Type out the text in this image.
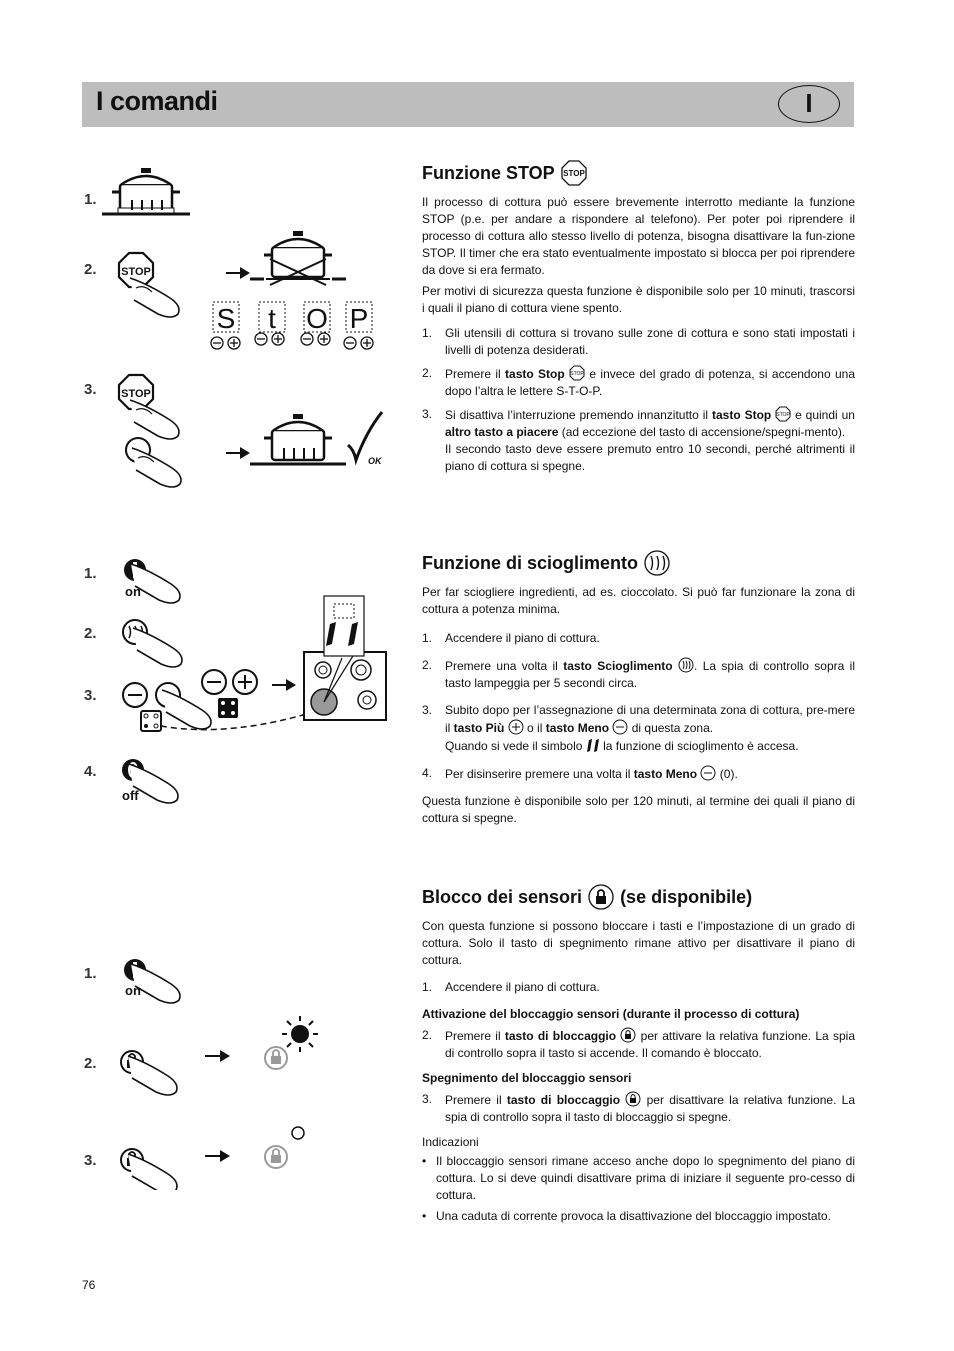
I comandi	I
1.
2. STOP
S t O P
3. STOP
OK
Funzione STOP STOP

Il processo di cottura può essere brevemente interrotto mediante la funzione STOP (p.e. per andare a rispondere al telefono). Per poter poi riprendere il processo di cottura allo stesso livello di potenza, bisogna disattivare la fun-zione STOP. Il timer che era stato eventualmente impostato si blocca per poi riprendere da dove si era fermato.

Per motivi di sicurezza questa funzione è disponibile solo per 10 minuti, trascorsi i quali il piano di cottura viene spento.

1.	Gli utensili di cottura si trovano sulle zone di cottura e sono stati impostati i livelli di potenza desiderati.
2.	Premere il tasto Stop STOP e invece del grado di potenza, si accendono una dopo l’altra le lettere S-T-O-P.
3.	Si disattiva l’interruzione premendo innanzitutto il tasto Stop STOP e quindi un altro tasto a piacere (ad eccezione del tasto di accensione/spegni-mento).
Il secondo tasto deve essere premuto entro 10 secondi, perché altrimenti il piano di cottura si spegne.
1.
on
2.
3.
4.
off
Funzione di scioglimento

Per far sciogliere ingredienti, ad es. cioccolato. Si può far funzionare la zona di cottura a potenza minima.

1.	Accendere il piano di cottura.
2.	Premere una volta il tasto Scioglimento . La spia di controllo sopra il tasto lampeggia per 5 secondi circa.
3.	Subito dopo per l’assegnazione di una determinata zona di cottura, pre-mere il tasto Più  o il tasto Meno  di questa zona.
Quando si vede il simbolo  la funzione di scioglimento è accesa.
4.	Per disinserire premere una volta il tasto Meno  (0).

Questa funzione è disponibile solo per 120 minuti, al termine dei quali il piano di cottura si spegne.

1.
on
2.
3.
Blocco dei sensori (se disponibile)

Con questa funzione si possono bloccare i tasti e l’impostazione di un grado di cottura. Solo il tasto di spegnimento rimane attivo per disattivare il piano di cottura.

1.	Accendere il piano di cottura.
Attivazione del bloccaggio sensori (durante il processo di cottura)
2.	Premere il tasto di bloccaggio  per attivare la relativa funzione. La spia di controllo sopra il tasto si accende. Il comando è bloccato.
Spegnimento del bloccaggio sensori
3.	Premere il tasto di bloccaggio  per disattivare la relativa funzione. La spia di controllo sopra il tasto di bloccaggio si spegne.

Indicazioni

• Il bloccaggio sensori rimane acceso anche dopo lo spegnimento del piano di cottura. Lo si deve quindi disattivare prima di iniziare il seguente pro-cesso di cottura.
• Una caduta di corrente provoca la disattivazione del bloccaggio impostato.
76
